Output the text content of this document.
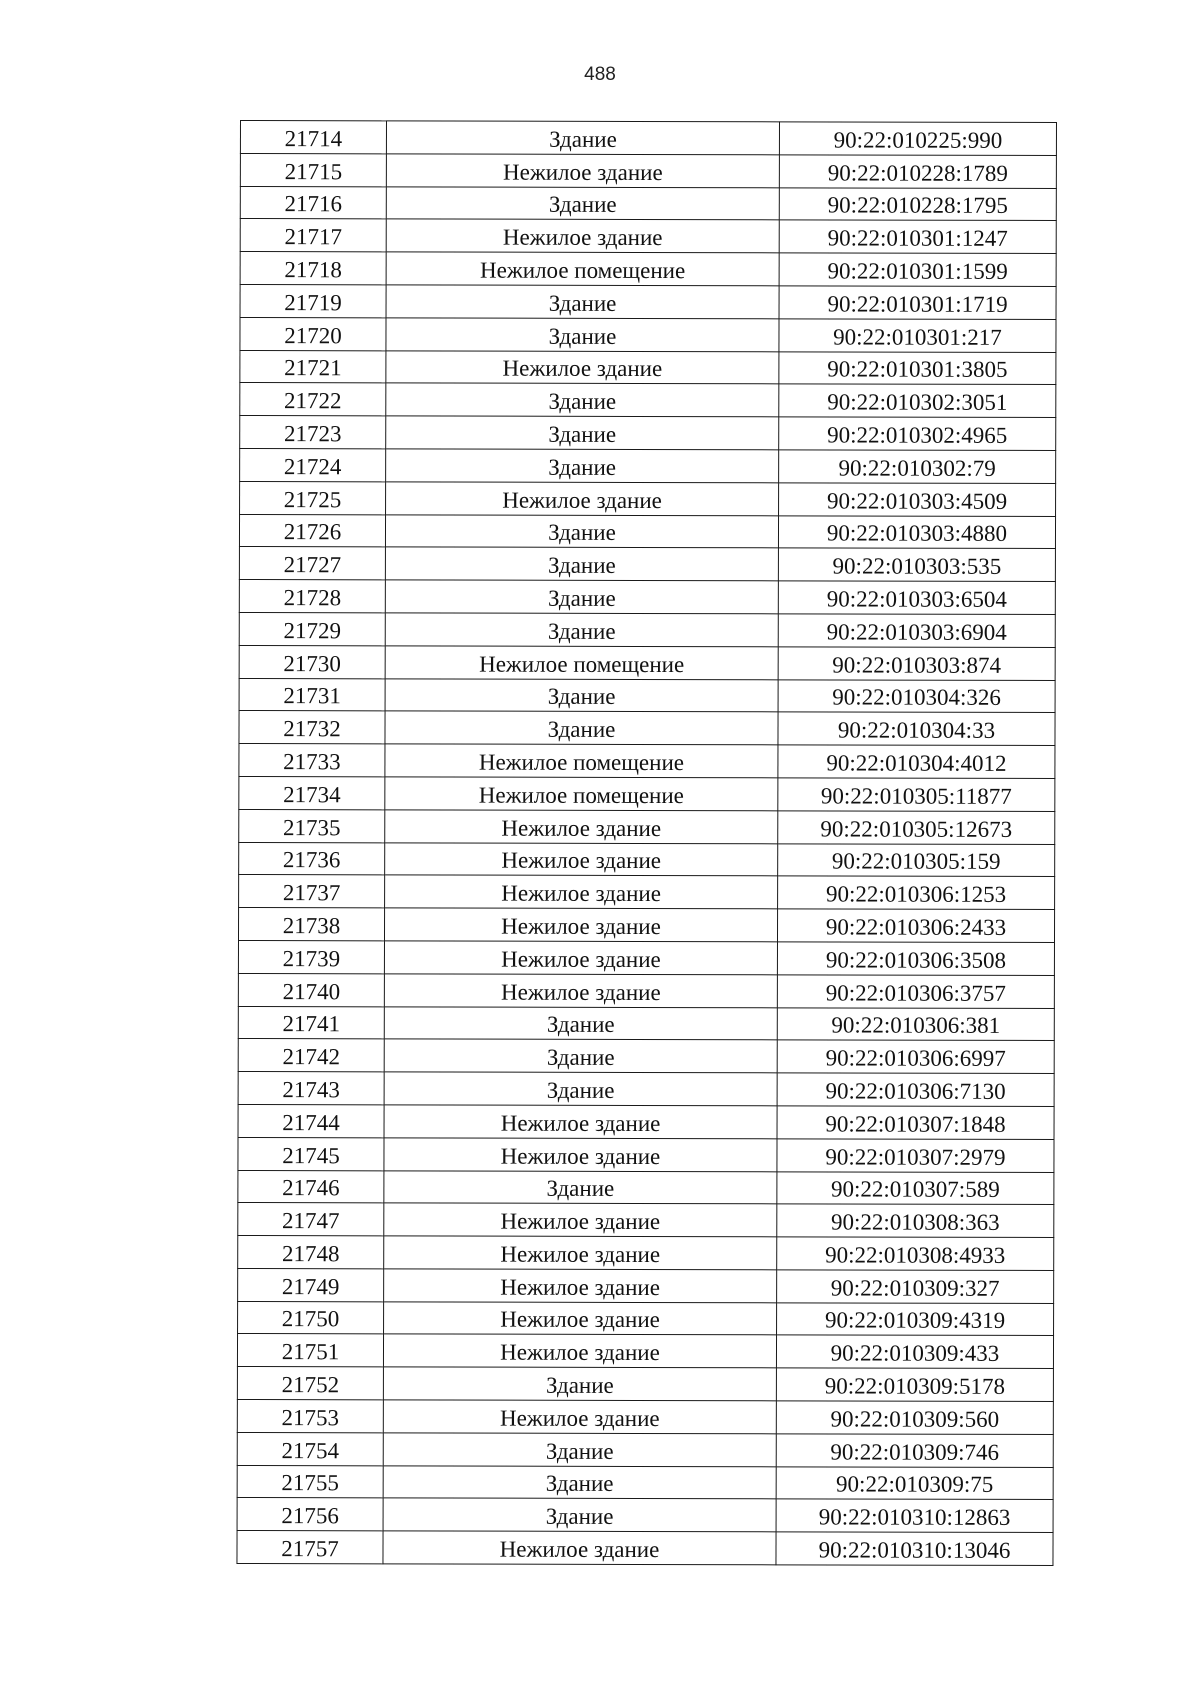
488
21714	Здание	90:22:010225:990
21715	Нежилое здание	90:22:010228:1789
21716	Здание	90:22:010228:1795
21717	Нежилое здание	90:22:010301:1247
21718	Нежилое помещение	90:22:010301:1599
21719	Здание	90:22:010301:1719
21720	Здание	90:22:010301:217
21721	Нежилое здание	90:22:010301:3805
21722	Здание	90:22:010302:3051
21723	Здание	90:22:010302:4965
21724	Здание	90:22:010302:79
21725	Нежилое здание	90:22:010303:4509
21726	Здание	90:22:010303:4880
21727	Здание	90:22:010303:535
21728	Здание	90:22:010303:6504
21729	Здание	90:22:010303:6904
21730	Нежилое помещение	90:22:010303:874
21731	Здание	90:22:010304:326
21732	Здание	90:22:010304:33
21733	Нежилое помещение	90:22:010304:4012
21734	Нежилое помещение	90:22:010305:11877
21735	Нежилое здание	90:22:010305:12673
21736	Нежилое здание	90:22:010305:159
21737	Нежилое здание	90:22:010306:1253
21738	Нежилое здание	90:22:010306:2433
21739	Нежилое здание	90:22:010306:3508
21740	Нежилое здание	90:22:010306:3757
21741	Здание	90:22:010306:381
21742	Здание	90:22:010306:6997
21743	Здание	90:22:010306:7130
21744	Нежилое здание	90:22:010307:1848
21745	Нежилое здание	90:22:010307:2979
21746	Здание	90:22:010307:589
21747	Нежилое здание	90:22:010308:363
21748	Нежилое здание	90:22:010308:4933
21749	Нежилое здание	90:22:010309:327
21750	Нежилое здание	90:22:010309:4319
21751	Нежилое здание	90:22:010309:433
21752	Здание	90:22:010309:5178
21753	Нежилое здание	90:22:010309:560
21754	Здание	90:22:010309:746
21755	Здание	90:22:010309:75
21756	Здание	90:22:010310:12863
21757	Нежилое здание	90:22:010310:13046
